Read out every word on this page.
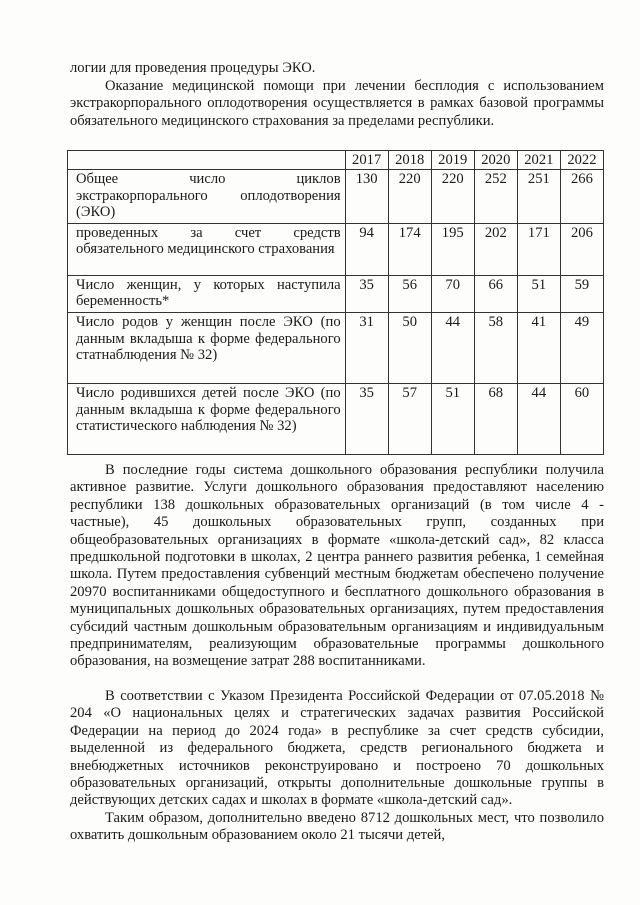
логии для проведения процедуры ЭКО.

Оказание медицинской помощи при лечении бесплодия с использованием экстракорпорального оплодотворения осуществляется в рамках базовой программы обязательного медицинского страхования за пределами республики.

	2017	2018	2019	2020	2021	2022
Общее число циклов экстракорпорального оплодотворения (ЭКО)	130	220	220	252	251	266
проведенных за счет средств обязательного медицинского страхования	94	174	195	202	171	206
Число женщин, у которых наступила беременность*	35	56	70	66	51	59
Число родов у женщин после ЭКО (по данным вкладыша к форме федерального статнаблюдения № 32)	31	50	44	58	41	49
Число родившихся детей после ЭКО (по данным вкладыша к форме федерального статистического наблюдения № 32)	35	57	51	68	44	60

В последние годы система дошкольного образования республики получила активное развитие. Услуги дошкольного образования предоставляют населению республики 138 дошкольных образовательных организаций (в том числе 4 - частные), 45 дошкольных образовательных групп, созданных при общеобразовательных организациях в формате «школа-детский сад», 82 класса предшкольной подготовки в школах, 2 центра раннего развития ребенка, 1 семейная школа. Путем предоставления субвенций местным бюджетам обеспечено получение 20970 воспитанниками общедоступного и бесплатного дошкольного образования в муниципальных дошкольных образовательных организациях, путем предоставления субсидий частным дошкольным образовательным организациям и индивидуальным предпринимателям, реализующим образовательные программы дошкольного образования, на возмещение затрат 288 воспитанниками.

В соответствии с Указом Президента Российской Федерации от 07.05.2018 № 204 «О национальных целях и стратегических задачах развития Российской Федерации на период до 2024 года» в республике за счет средств субсидии, выделенной из федерального бюджета, средств регионального бюджета и внебюджетных источников реконструировано и построено 70 дошкольных образовательных организаций, открыты дополнительные дошкольные группы в действующих детских садах и школах в формате «школа-детский сад».

Таким образом, дополнительно введено 8712 дошкольных мест, что позволило охватить дошкольным образованием около 21 тысячи детей,
